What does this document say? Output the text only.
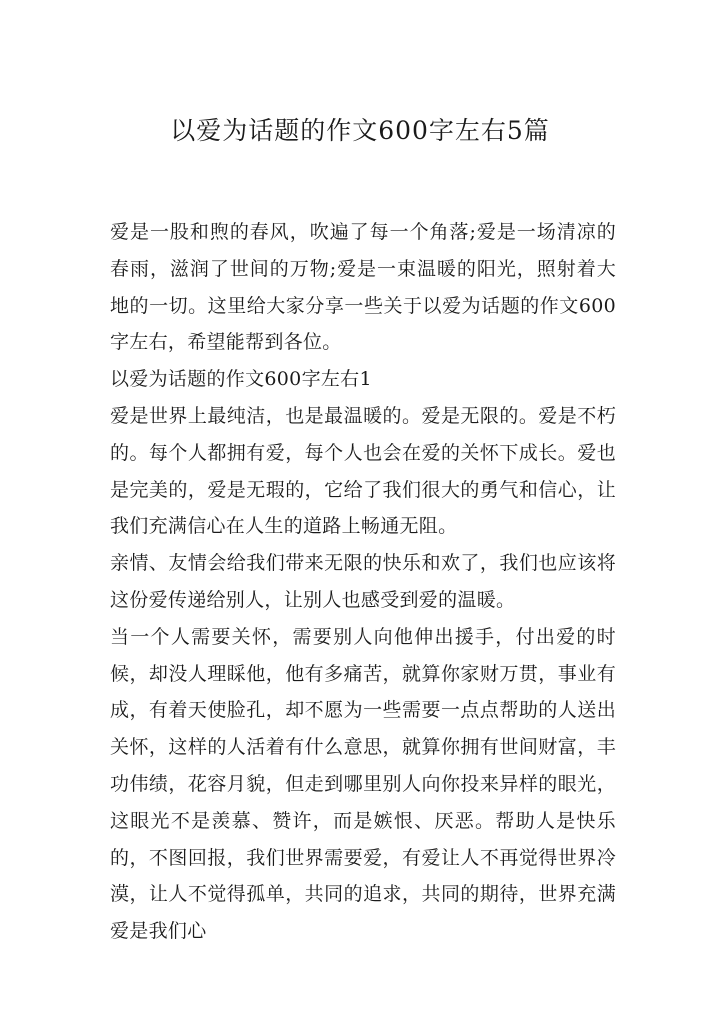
以爱为话题的作文600字左右5篇

爱是一股和煦的春风，吹遍了每一个角落;爱是一场清凉的春雨，滋润了世间的万物;爱是一束温暖的阳光，照射着大地的一切。这里给大家分享一些关于以爱为话题的作文600字左右，希望能帮到各位。

以爱为话题的作文600字左右1

爱是世界上最纯洁，也是最温暖的。爱是无限的。爱是不朽的。每个人都拥有爱，每个人也会在爱的关怀下成长。爱也是完美的，爱是无瑕的，它给了我们很大的勇气和信心，让我们充满信心在人生的道路上畅通无阻。

亲情、友情会给我们带来无限的快乐和欢了，我们也应该将这份爱传递给别人，让别人也感受到爱的温暖。

当一个人需要关怀，需要别人向他伸出援手，付出爱的时候，却没人理睬他，他有多痛苦，就算你家财万贯，事业有成，有着天使脸孔，却不愿为一些需要一点点帮助的人送出关怀，这样的人活着有什么意思，就算你拥有世间财富，丰功伟绩，花容月貌，但走到哪里别人向你投来异样的眼光，这眼光不是羡慕、赞许，而是嫉恨、厌恶。帮助人是快乐的，不图回报，我们世界需要爱，有爱让人不再觉得世界冷漠，让人不觉得孤单，共同的追求，共同的期待，世界充满爱是我们心
